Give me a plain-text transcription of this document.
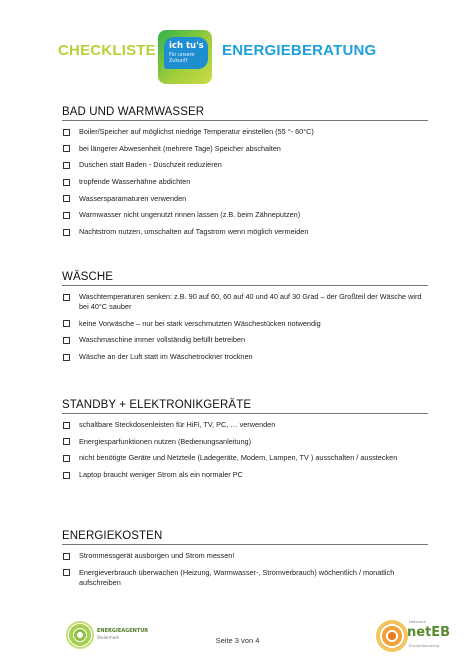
CHECKLISTE ich tu's
Für unsere Zukunft
ENERGIEBERATUNG
BAD UND WARMWASSER
Boiler/Speicher auf möglichst niedrige Temperatur einstellen (55 °- 60°C)
bei längerer Abwesenheit (mehrere Tage) Speicher abschalten
Duschen statt Baden - Duschzeit reduzieren
tropfende Wasserhähne abdichten
Wassersparamaturen verwenden
Warmwasser nicht ungenutzt rinnen lassen (z.B. beim Zähneputzen)
Nachtstrom nutzen, umschalten auf Tagstrom wenn möglich vermeiden
WÄSCHE
Waschtemperaturen senken: z.B. 90 auf 60, 60 auf 40 und 40 auf 30 Grad – der Großteil der Wäsche wird bei 40°C sauber
keine Vorwäsche – nur bei stark verschmutzten Wäschestücken notwendig
Waschmaschine immer vollständig befüllt betreiben
Wäsche an der Luft statt im Wäschetrockner trocknen
STANDBY + ELEKTRONIKGERÄTE
schaltbare Steckdosenleisten für HiFi, TV, PC, … verwenden
Energiesparfunktionen nutzen (Bedienungsanleitung)
nicht benötigte Geräte und Netzteile (Ladegeräte, Modem, Lampen, TV ) ausschalten / ausstecken
Laptop braucht weniger Strom als ein normaler PC
ENERGIEKOSTEN
Strommessgerät ausborgen und Strom messen!
Energieverbrauch überwachen (Heizung, Warmwasser-, Stromverbrauch) wöchentlich / monatlich aufschreiben
ENERGIEAGENTUR
Steiermark	Seite 3 von 4
Netzwerk
netEB
Energieberatung
